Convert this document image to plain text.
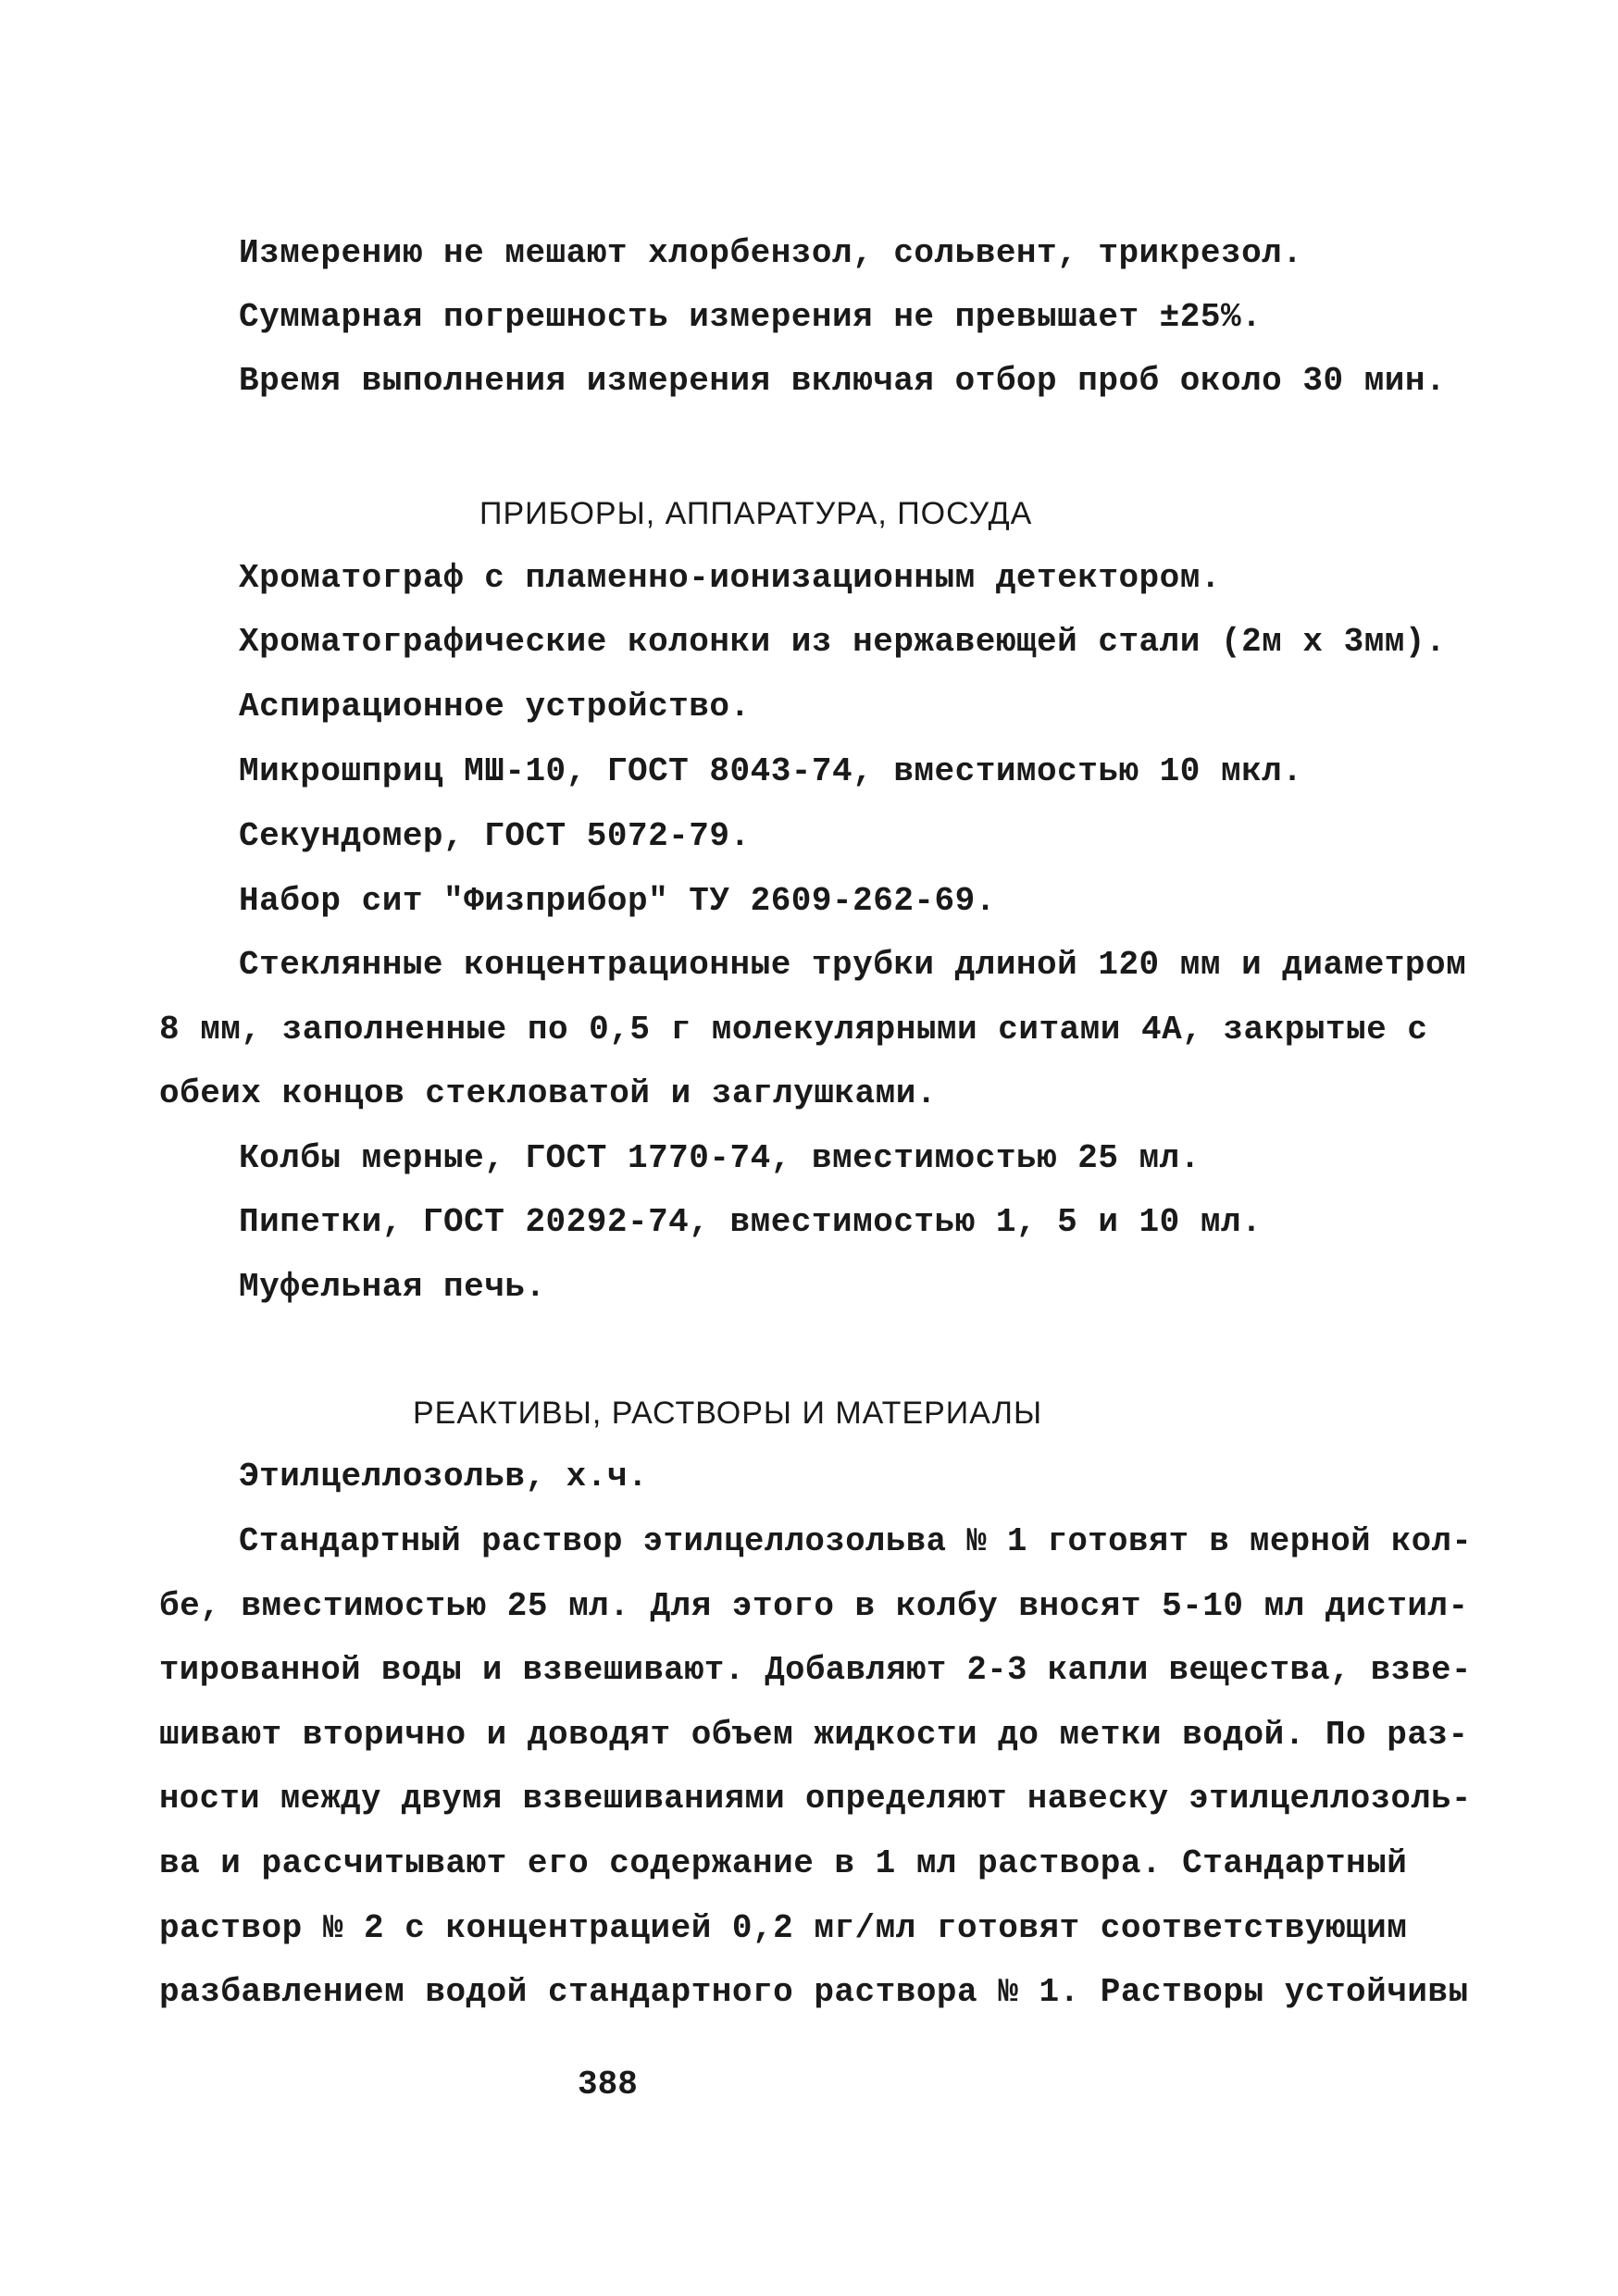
Измерению не мешают хлорбензол, сольвент, трикрезол.
Суммарная погрешность измерения не превышает ±25%.
Время выполнения измерения включая отбор проб около 30 мин.
ПРИБОРЫ, АППАРАТУРА, ПОСУДА
Хроматограф с пламенно-ионизационным детектором.
Хроматографические колонки из нержавеющей стали (2м х 3мм).
Аспирационное устройство.
Микрошприц МШ-10, ГОСТ 8043-74, вместимостью 10 мкл.
Секундомер, ГОСТ 5072-79.
Набор сит "Физприбор" ТУ 2609-262-69.
Стеклянные концентрационные трубки длиной 120 мм и диаметром
8 мм, заполненные по 0,5 г молекулярными ситами 4А, закрытые с
обеих концов стекловатой и заглушками.
Колбы мерные, ГОСТ 1770-74, вместимостью 25 мл.
Пипетки, ГОСТ 20292-74, вместимостью 1, 5 и 10 мл.
Муфельная печь.
РЕАКТИВЫ, РАСТВОРЫ И МАТЕРИАЛЫ
Этилцеллозольв, х.ч.
Стандартный раствор этилцеллозольва № 1 готовят в мерной кол-
бе, вместимостью 25 мл. Для этого в колбу вносят 5-10 мл дистил-
тированной воды и взвешивают. Добавляют 2-3 капли вещества, взве-
шивают вторично и доводят объем жидкости до метки водой. По раз-
ности между двумя взвешиваниями определяют навеску этилцеллозоль-
ва и рассчитывают его содержание в 1 мл раствора. Стандартный
раствор № 2 с концентрацией 0,2 мг/мл готовят соответствующим
разбавлением водой стандартного раствора № 1. Растворы устойчивы
388
